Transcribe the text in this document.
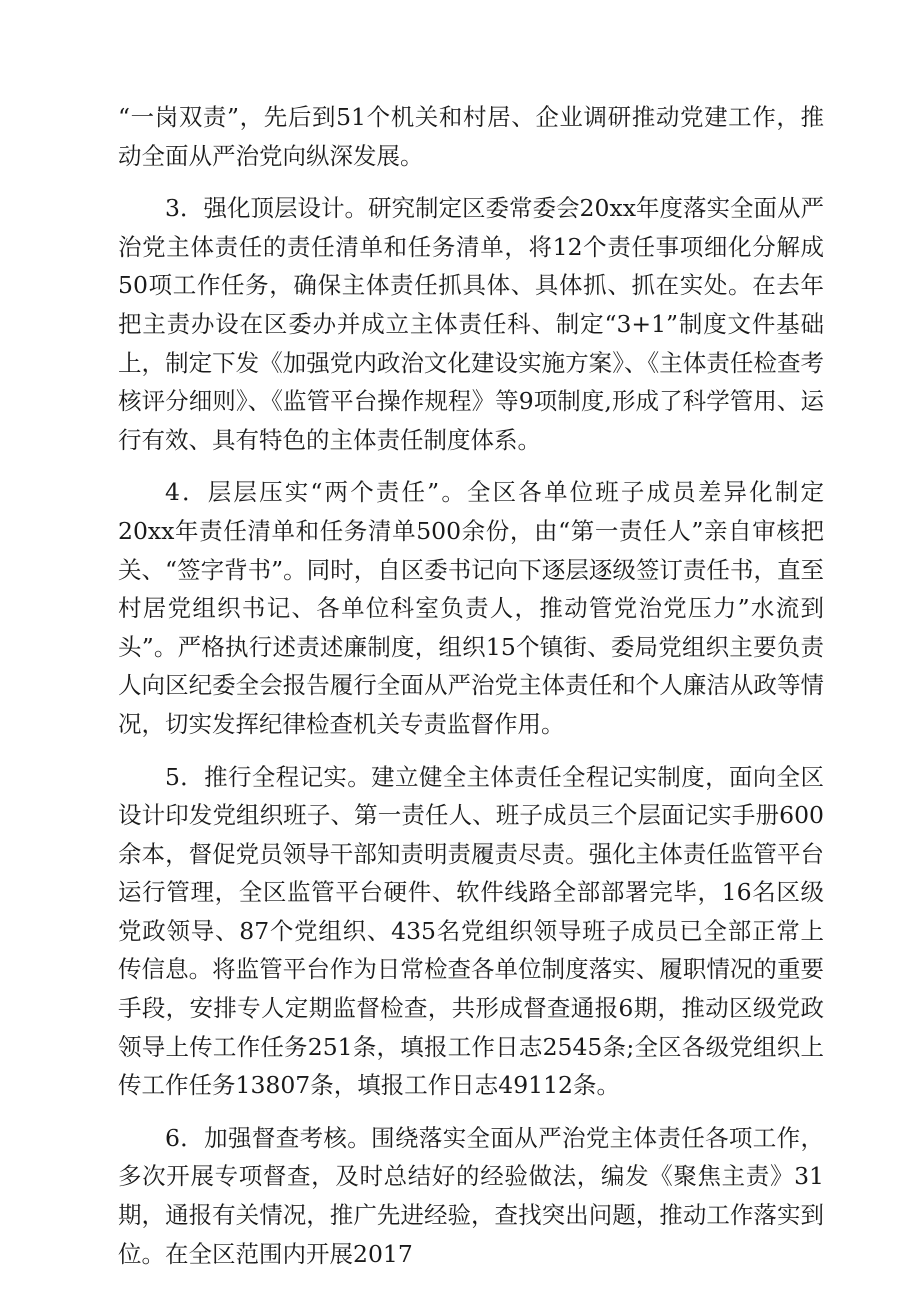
“一岗双责”，先后到51个机关和村居、企业调研推动党建工作，推动全面从严治党向纵深发展。

3．强化顶层设计。研究制定区委常委会20xx年度落实全面从严治党主体责任的责任清单和任务清单，将12个责任事项细化分解成50项工作任务，确保主体责任抓具体、具体抓、抓在实处。在去年把主责办设在区委办并成立主体责任科、制定“3+1”制度文件基础上，制定下发《加强党内政治文化建设实施方案》、《主体责任检查考核评分细则》、《监管平台操作规程》等9项制度,形成了科学管用、运行有效、具有特色的主体责任制度体系。

4．层层压实“两个责任”。全区各单位班子成员差异化制定20xx年责任清单和任务清单500余份，由“第一责任人”亲自审核把关、“签字背书”。同时，自区委书记向下逐层逐级签订责任书，直至村居党组织书记、各单位科室负责人，推动管党治党压力”水流到头”。严格执行述责述廉制度，组织15个镇街、委局党组织主要负责人向区纪委全会报告履行全面从严治党主体责任和个人廉洁从政等情况，切实发挥纪律检查机关专责监督作用。

5．推行全程记实。建立健全主体责任全程记实制度，面向全区设计印发党组织班子、第一责任人、班子成员三个层面记实手册600余本，督促党员领导干部知责明责履责尽责。强化主体责任监管平台运行管理，全区监管平台硬件、软件线路全部部署完毕，16名区级党政领导、87个党组织、435名党组织领导班子成员已全部正常上传信息。将监管平台作为日常检查各单位制度落实、履职情况的重要手段，安排专人定期监督检查，共形成督查通报6期，推动区级党政领导上传工作任务251条，填报工作日志2545条;全区各级党组织上传工作任务13807条，填报工作日志49112条。

6．加强督查考核。围绕落实全面从严治党主体责任各项工作，多次开展专项督查，及时总结好的经验做法，编发《聚焦主责》31期，通报有关情况，推广先进经验，查找突出问题，推动工作落实到位。在全区范围内开展2017
